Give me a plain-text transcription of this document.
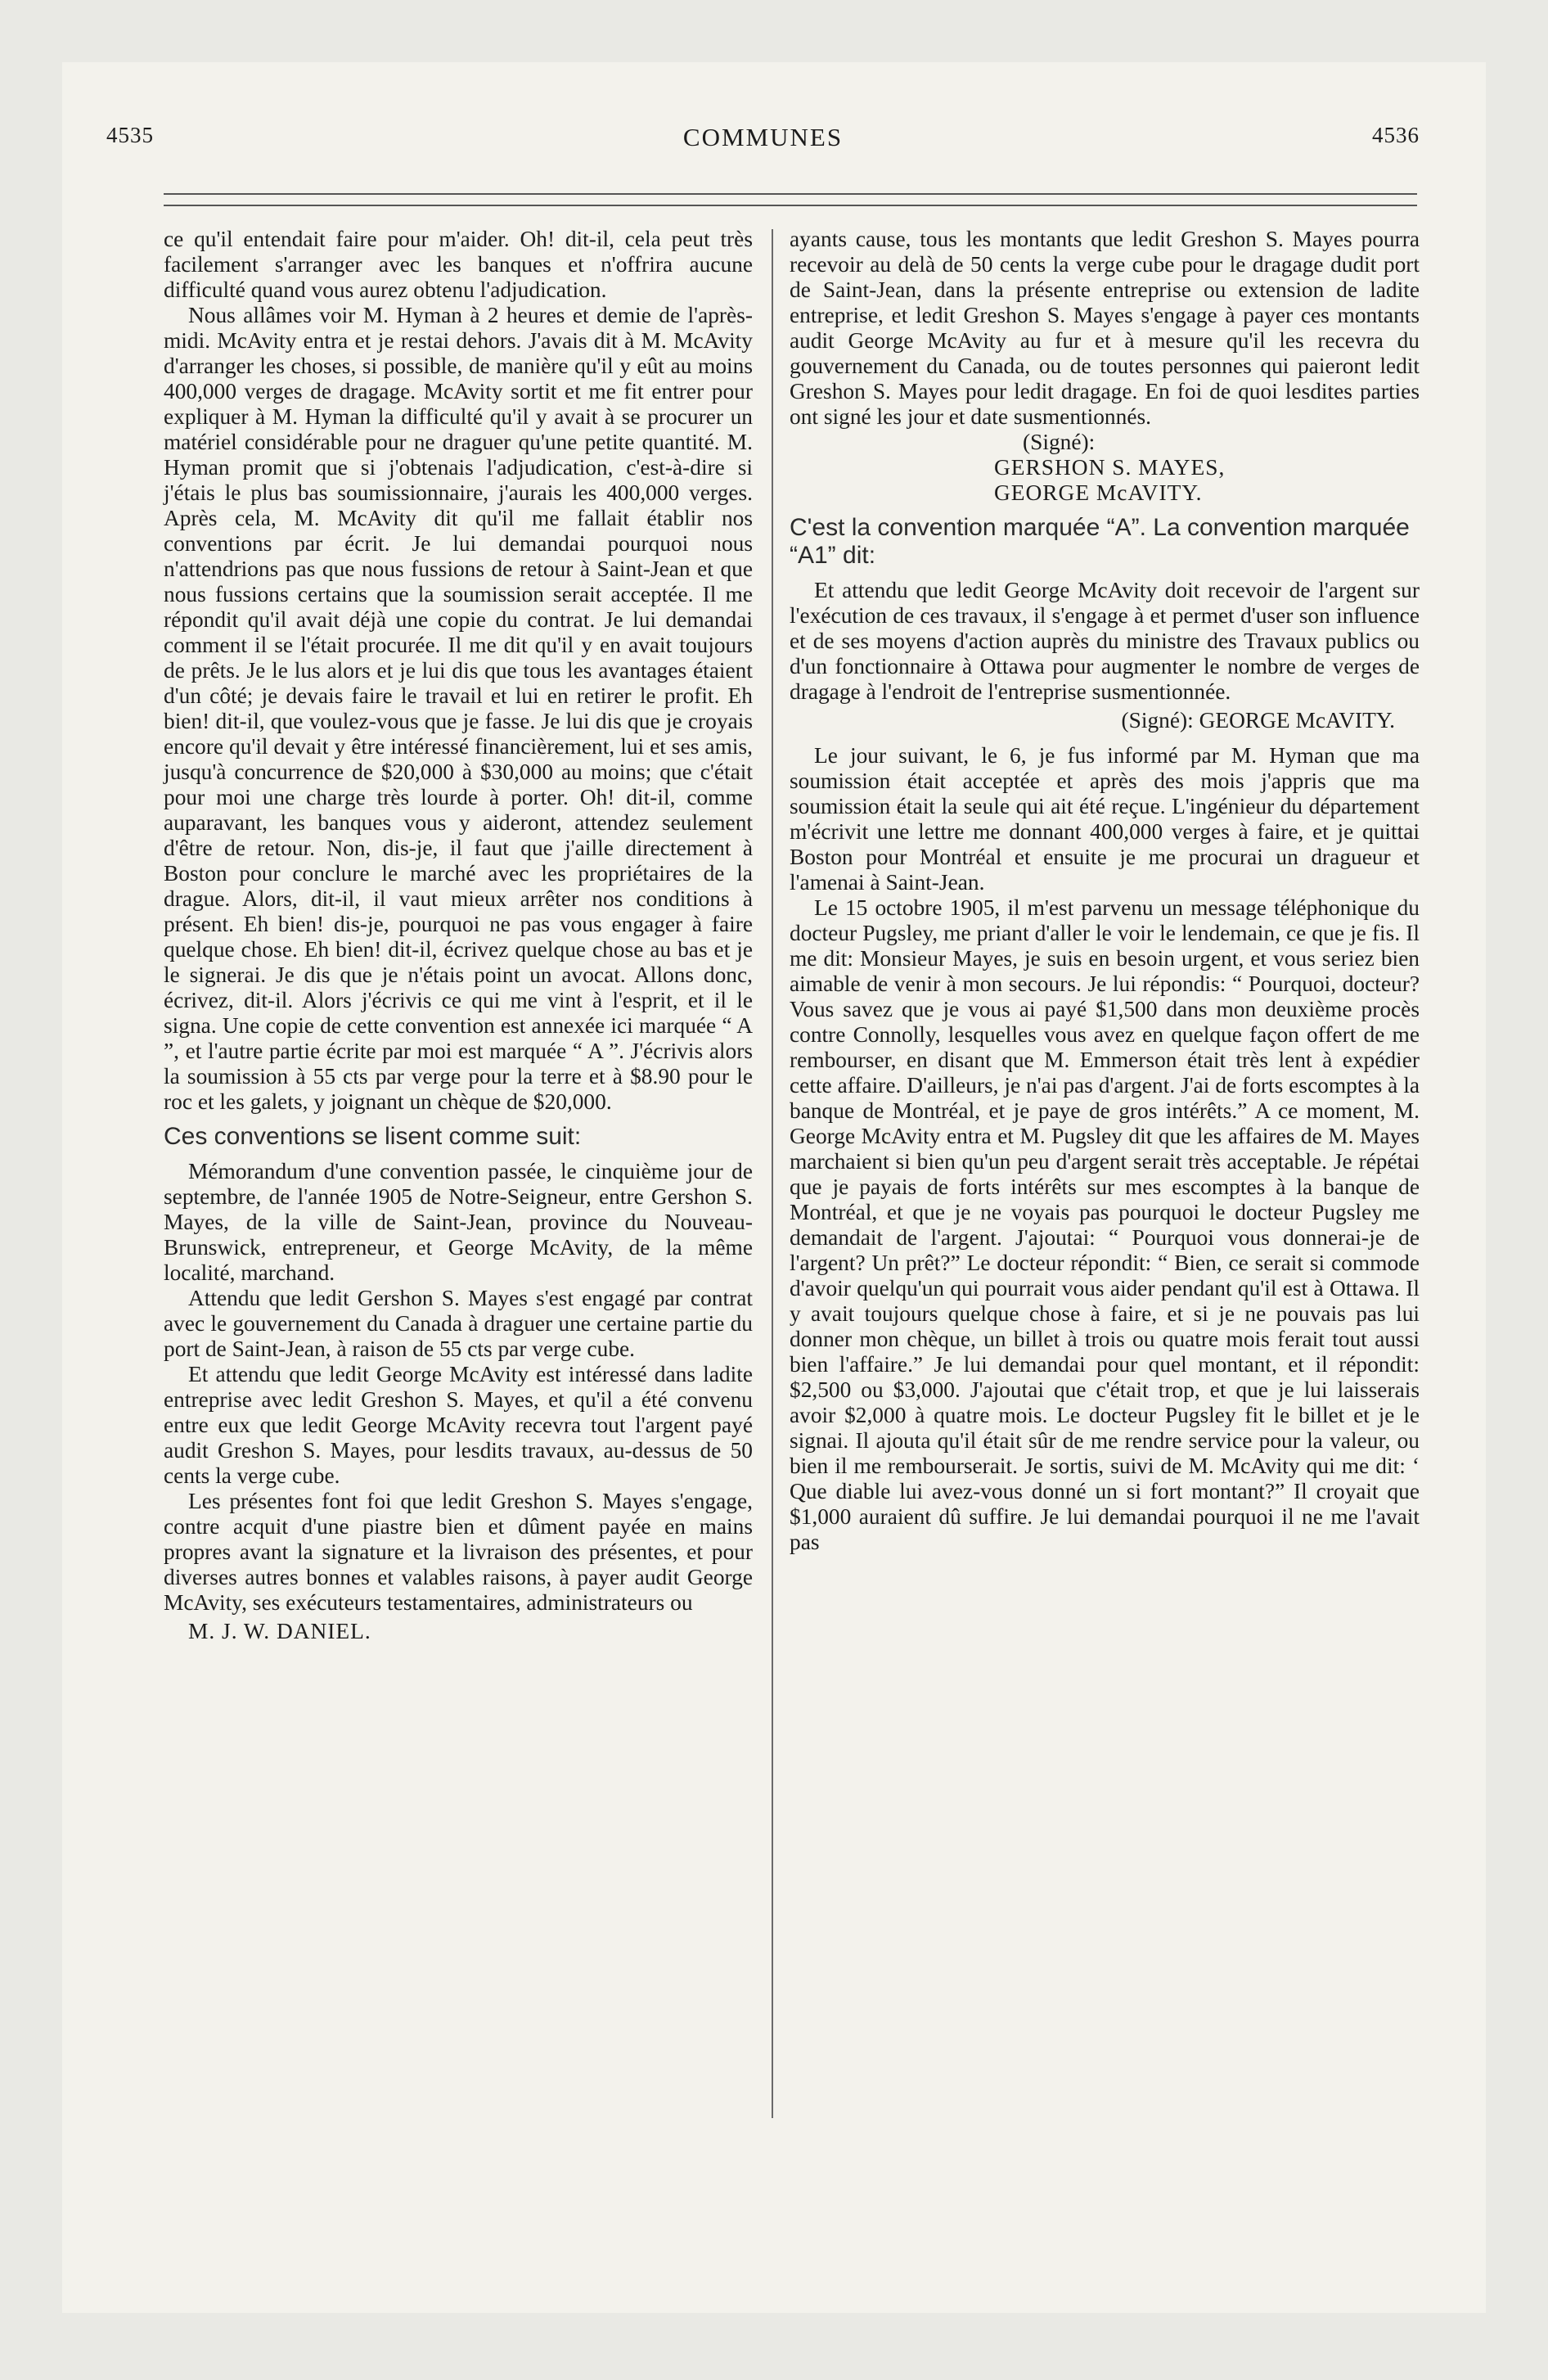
4535	COMMUNES	4536

ce qu'il entendait faire pour m'aider. Oh! dit-il, cela peut très facilement s'arranger avec les banques et n'offrira aucune difficulté quand vous aurez obtenu l'adjudication.

Nous allâmes voir M. Hyman à 2 heures et demie de l'après-midi. McAvity entra et je restai dehors. J'avais dit à M. McAvity d'arranger les choses, si possible, de manière qu'il y eût au moins 400,000 verges de dragage. McAvity sortit et me fit entrer pour expliquer à M. Hyman la difficulté qu'il y avait à se procurer un matériel considérable pour ne draguer qu'une petite quantité. M. Hyman promit que si j'obtenais l'adjudication, c'est-à-dire si j'étais le plus bas soumissionnaire, j'aurais les 400,000 verges. Après cela, M. McAvity dit qu'il me fallait établir nos conventions par écrit. Je lui demandai pourquoi nous n'attendrions pas que nous fussions de retour à Saint-Jean et que nous fussions certains que la soumission serait acceptée. Il me répondit qu'il avait déjà une copie du contrat. Je lui demandai comment il se l'était procurée. Il me dit qu'il y en avait toujours de prêts. Je le lus alors et je lui dis que tous les avantages étaient d'un côté; je devais faire le travail et lui en retirer le profit. Eh bien! dit-il, que voulez-vous que je fasse. Je lui dis que je croyais encore qu'il devait y être intéressé financièrement, lui et ses amis, jusqu'à concurrence de $20,000 à $30,000 au moins; que c'était pour moi une charge très lourde à porter. Oh! dit-il, comme auparavant, les banques vous y aideront, attendez seulement d'être de retour. Non, dis-je, il faut que j'aille directement à Boston pour conclure le marché avec les propriétaires de la drague. Alors, dit-il, il vaut mieux arrêter nos conditions à présent. Eh bien! dis-je, pourquoi ne pas vous engager à faire quelque chose. Eh bien! dit-il, écrivez quelque chose au bas et je le signerai. Je dis que je n'étais point un avocat. Allons donc, écrivez, dit-il. Alors j'écrivis ce qui me vint à l'esprit, et il le signa. Une copie de cette convention est annexée ici marquée “ A ”, et l'autre partie écrite par moi est marquée “ A ”. J'écrivis alors la soumission à 55 cts par verge pour la terre et à $8.90 pour le roc et les galets, y joignant un chèque de $20,000.

Ces conventions se lisent comme suit:

Mémorandum d'une convention passée, le cinquième jour de septembre, de l'année 1905 de Notre-Seigneur, entre Gershon S. Mayes, de la ville de Saint-Jean, province du Nouveau-Brunswick, entrepreneur, et George McAvity, de la même localité, marchand.

Attendu que ledit Gershon S. Mayes s'est engagé par contrat avec le gouvernement du Canada à draguer une certaine partie du port de Saint-Jean, à raison de 55 cts par verge cube.

Et attendu que ledit George McAvity est intéressé dans ladite entreprise avec ledit Greshon S. Mayes, et qu'il a été convenu entre eux que ledit George McAvity recevra tout l'argent payé audit Greshon S. Mayes, pour lesdits travaux, au-dessus de 50 cents la verge cube.

Les présentes font foi que ledit Greshon S. Mayes s'engage, contre acquit d'une piastre bien et dûment payée en mains propres avant la signature et la livraison des présentes, et pour diverses autres bonnes et valables raisons, à payer audit George McAvity, ses exécuteurs testamentaires, administrateurs ou

M. J. W. DANIEL.

ayants cause, tous les montants que ledit Greshon S. Mayes pourra recevoir au delà de 50 cents la verge cube pour le dragage dudit port de Saint-Jean, dans la présente entreprise ou extension de ladite entreprise, et ledit Greshon S. Mayes s'engage à payer ces montants audit George McAvity au fur et à mesure qu'il les recevra du gouvernement du Canada, ou de toutes personnes qui paieront ledit Greshon S. Mayes pour ledit dragage. En foi de quoi lesdites parties ont signé les jour et date susmentionnés.

(Signé):
GERSHON S. MAYES,
GEORGE McAVITY.
C'est la convention marquée “A”. La convention marquée “A1” dit:

Et attendu que ledit George McAvity doit recevoir de l'argent sur l'exécution de ces travaux, il s'engage à et permet d'user son influence et de ses moyens d'action auprès du ministre des Travaux publics ou d'un fonctionnaire à Ottawa pour augmenter le nombre de verges de dragage à l'endroit de l'entreprise susmentionnée.

(Signé): GEORGE McAVITY.

Le jour suivant, le 6, je fus informé par M. Hyman que ma soumission était acceptée et après des mois j'appris que ma soumission était la seule qui ait été reçue. L'ingénieur du département m'écrivit une lettre me donnant 400,000 verges à faire, et je quittai Boston pour Montréal et ensuite je me procurai un dragueur et l'amenai à Saint-Jean.

Le 15 octobre 1905, il m'est parvenu un message téléphonique du docteur Pugsley, me priant d'aller le voir le lendemain, ce que je fis. Il me dit: Monsieur Mayes, je suis en besoin urgent, et vous seriez bien aimable de venir à mon secours. Je lui répondis: “ Pourquoi, docteur? Vous savez que je vous ai payé $1,500 dans mon deuxième procès contre Connolly, lesquelles vous avez en quelque façon offert de me rembourser, en disant que M. Emmerson était très lent à expédier cette affaire. D'ailleurs, je n'ai pas d'argent. J'ai de forts escomptes à la banque de Montréal, et je paye de gros intérêts.” A ce moment, M. George McAvity entra et M. Pugsley dit que les affaires de M. Mayes marchaient si bien qu'un peu d'argent serait très acceptable. Je répétai que je payais de forts intérêts sur mes escomptes à la banque de Montréal, et que je ne voyais pas pourquoi le docteur Pugsley me demandait de l'argent. J'ajoutai: “ Pourquoi vous donnerai-je de l'argent? Un prêt?” Le docteur répondit: “ Bien, ce serait si commode d'avoir quelqu'un qui pourrait vous aider pendant qu'il est à Ottawa. Il y avait toujours quelque chose à faire, et si je ne pouvais pas lui donner mon chèque, un billet à trois ou quatre mois ferait tout aussi bien l'affaire.” Je lui demandai pour quel montant, et il répondit: $2,500 ou $3,000. J'ajoutai que c'était trop, et que je lui laisserais avoir $2,000 à quatre mois. Le docteur Pugsley fit le billet et je le signai. Il ajouta qu'il était sûr de me rendre service pour la valeur, ou bien il me rembourserait. Je sortis, suivi de M. McAvity qui me dit: ‘ Que diable lui avez-vous donné un si fort montant?” Il croyait que $1,000 auraient dû suffire. Je lui demandai pourquoi il ne me l'avait pas
